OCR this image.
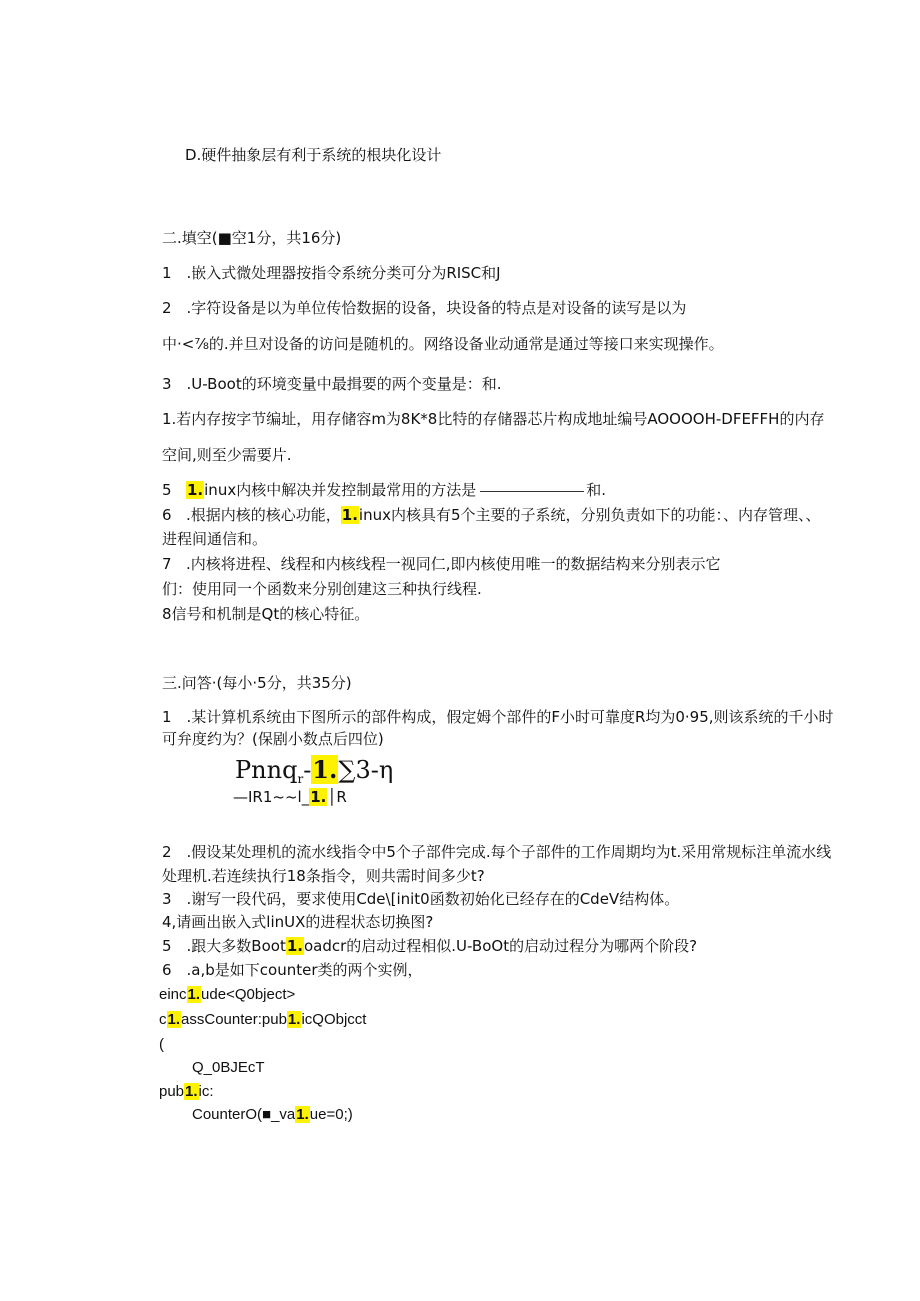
D.硬件抽象层有利于系统的根块化设计
二.填空(■空1分，共16分)
1　.嵌入式微处理器按指令系统分类可分为RISC和J
2　.字符设备是以为单位传恰数据的设备，块设备的特点是对设备的读写是以为
中·<⅞的.并旦对设备的访问是随机的。网络设备业动通常是通过等接口来实现操作。
3　.U-Boot的环境变量中最揖要的两个变量是：和.
1.若内存按字节编址，用存储容m为8K*8比特的存储器芯片构成地址编号AOOOOH-DFEFFH的内存
空间,则至少需要片.
5 1.inux内核中解决并发控制最常用的方法是	和.
6 .根据内核的核心功能，1.inux内核具有5个主要的子系统，分别负责如下的功能：、内存管理、、
进程间通信和。
7 .内核将进程、线程和内核线程一视同仁,即内核使用唯一的数据结构来分别表示它
们：使用同一个函数来分别创建这三种执行线程.
8信号和机制是Qt的核心特征。
三.问答·(每小·5分，共35分)
1　.某计算机系统由下图所示的部件构成，假定姆个部件的F小时可靠度R均为0·95,则该系统的千小时
可弁度约为？(保剧小数点后四位)
Pnnq$_r$-1.∑3-η
—IR1~~l_1.│R
2　.假设某处理机的流水线指令中5个子部件完成.每个子部件的工作周期均为t.采用常规标注单流水线
处理机.若连续执行18条指令，则共需时间多少t?
3　.谢写一段代码，要求使用Cde\[init0函数初始化已经存在的CdeV结构体。
4,请画出嵌入式linUX的进程状态切换图?
5　.跟大多数Boot1.oadcr的启动过程相似.U-BoOt的启动过程分为哪两个阶段?
6　.a,b是如下counter类的两个实例，
einc1.ude<Q0bject>
c1.assCounter:pub1.icQObjcct
(
Q_0BJEcT
pub1.ic:
CounterO(■_va1.ue=0;)
